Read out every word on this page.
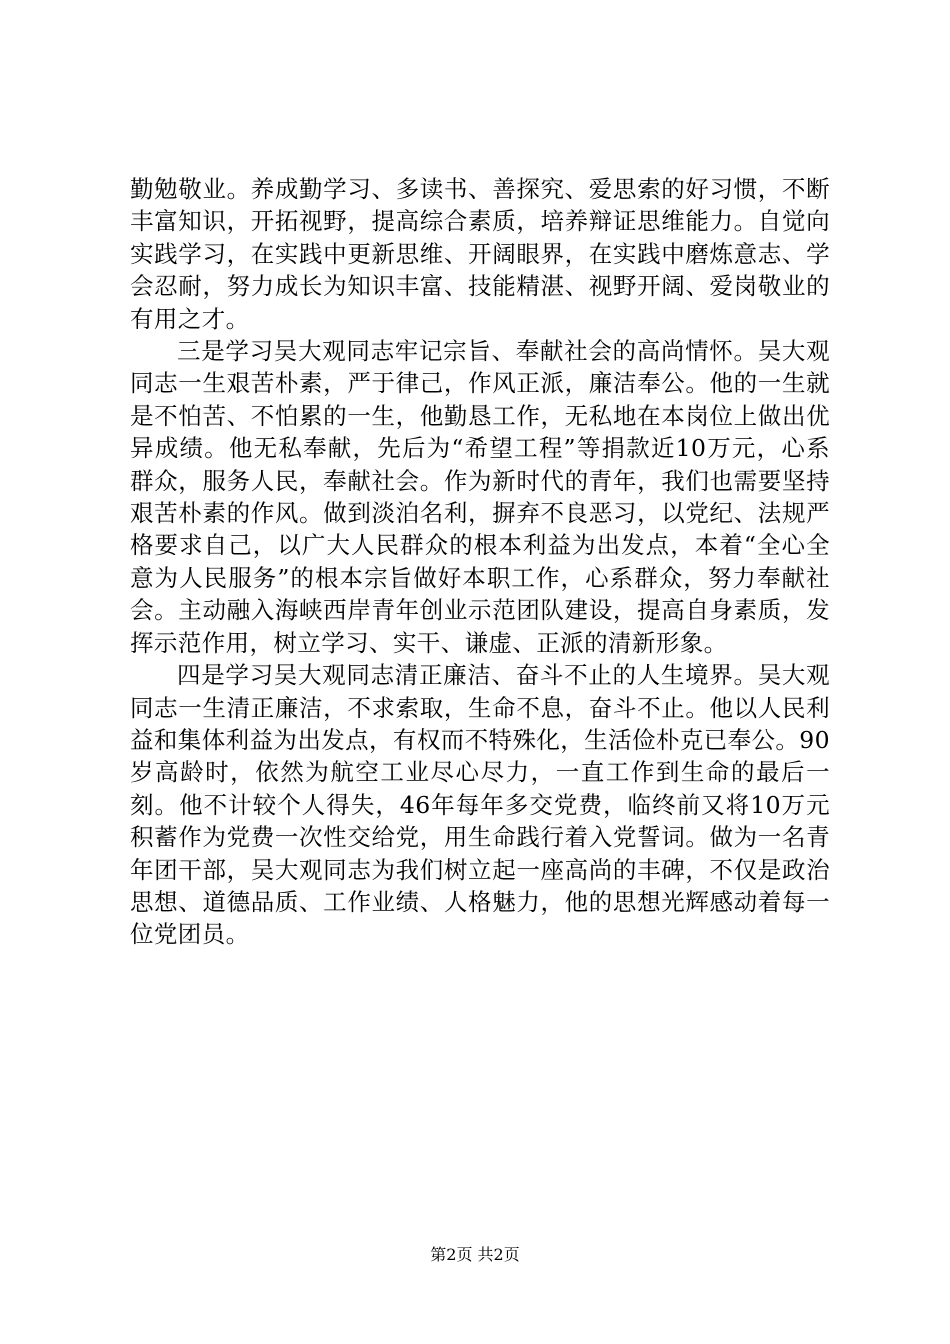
勤勉敬业。养成勤学习、多读书、善探究、爱思索的好习惯，不断丰富知识，开拓视野，提高综合素质，培养辩证思维能力。自觉向实践学习，在实践中更新思维、开阔眼界，在实践中磨炼意志、学会忍耐，努力成长为知识丰富、技能精湛、视野开阔、爱岗敬业的有用之才。

三是学习吴大观同志牢记宗旨、奉献社会的高尚情怀。吴大观同志一生艰苦朴素，严于律己，作风正派，廉洁奉公。他的一生就是不怕苦、不怕累的一生，他勤恳工作，无私地在本岗位上做出优异成绩。他无私奉献，先后为“希望工程”等捐款近10万元，心系群众，服务人民，奉献社会。作为新时代的青年，我们也需要坚持艰苦朴素的作风。做到淡泊名利，摒弃不良恶习，以党纪、法规严格要求自己，以广大人民群众的根本利益为出发点，本着“全心全意为人民服务”的根本宗旨做好本职工作，心系群众，努力奉献社会。主动融入海峡西岸青年创业示范团队建设，提高自身素质，发挥示范作用，树立学习、实干、谦虚、正派的清新形象。

四是学习吴大观同志清正廉洁、奋斗不止的人生境界。吴大观同志一生清正廉洁，不求索取，生命不息，奋斗不止。他以人民利益和集体利益为出发点，有权而不特殊化，生活俭朴克已奉公。90岁高龄时，依然为航空工业尽心尽力，一直工作到生命的最后一刻。他不计较个人得失，46年每年多交党费，临终前又将10万元积蓄作为党费一次性交给党，用生命践行着入党誓词。做为一名青年团干部，吴大观同志为我们树立起一座高尚的丰碑，不仅是政治思想、道德品质、工作业绩、人格魅力，他的思想光辉感动着每一位党团员。

第2页 共2页
